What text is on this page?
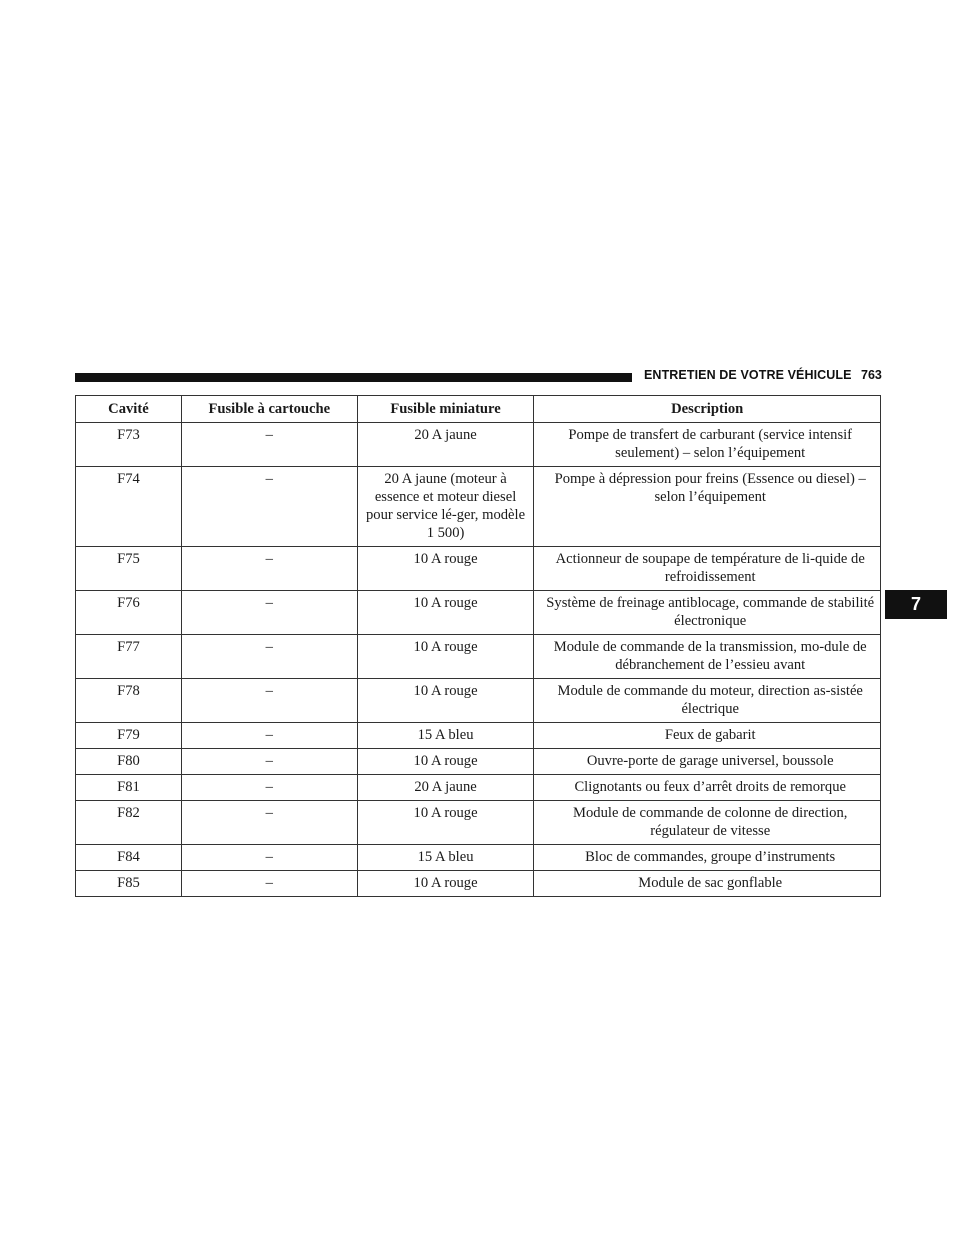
ENTRETIEN DE VOTRE VÉHICULE 763
7
Cavité	Fusible à cartouche	Fusible miniature	Description
F73	–	20 A jaune	Pompe de transfert de carburant (service intensif seulement) – selon l’équipement
F74	–	20 A jaune (moteur à essence et moteur diesel pour service lé-ger, modèle 1 500)	Pompe à dépression pour freins (Essence ou diesel) – selon l’équipement
F75	–	10 A rouge	Actionneur de soupape de température de li-quide de refroidissement
F76	–	10 A rouge	Système de freinage antiblocage, commande de stabilité électronique
F77	–	10 A rouge	Module de commande de la transmission, mo-dule de débranchement de l’essieu avant
F78	–	10 A rouge	Module de commande du moteur, direction as-sistée électrique
F79	–	15 A bleu	Feux de gabarit
F80	–	10 A rouge	Ouvre-porte de garage universel, boussole
F81	–	20 A jaune	Clignotants ou feux d’arrêt droits de remorque
F82	–	10 A rouge	Module de commande de colonne de direction, régulateur de vitesse
F84	–	15 A bleu	Bloc de commandes, groupe d’instruments
F85	–	10 A rouge	Module de sac gonflable
